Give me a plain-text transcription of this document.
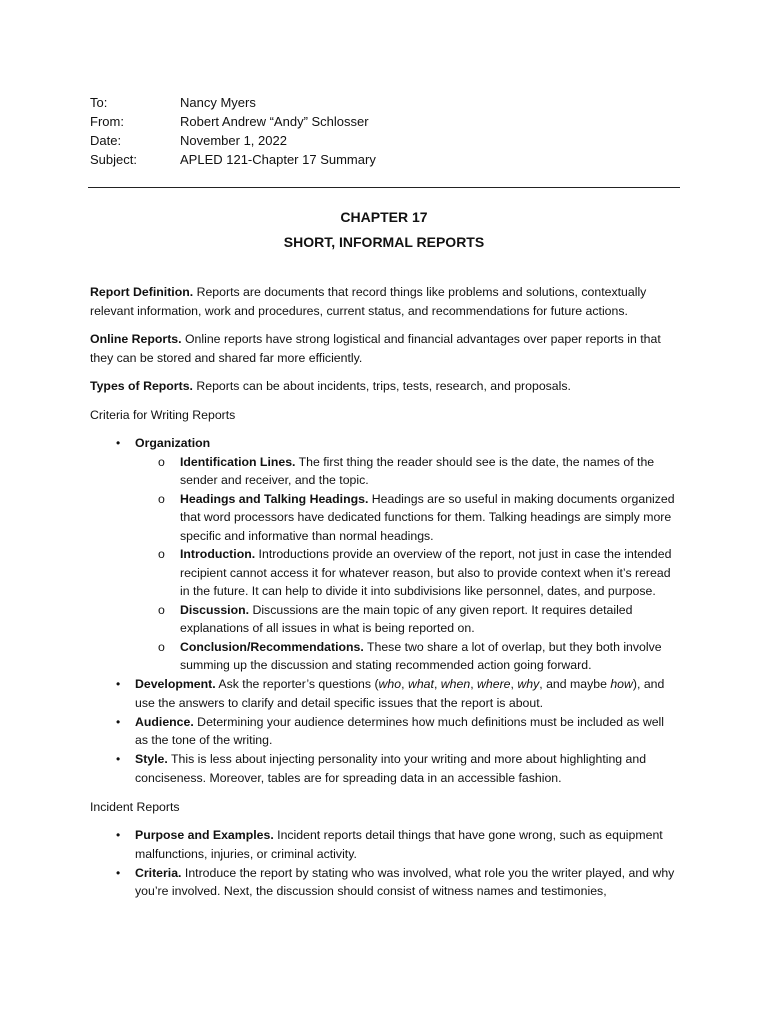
To:	Nancy Myers
From:	Robert Andrew “Andy” Schlosser
Date:	November 1, 2022
Subject:	APLED 121-Chapter 17 Summary
CHAPTER 17
SHORT, INFORMAL REPORTS

Report Definition. Reports are documents that record things like problems and solutions, contextually relevant information, work and procedures, current status, and recommendations for future actions.

Online Reports. Online reports have strong logistical and financial advantages over paper reports in that they can be stored and shared far more efficiently.

Types of Reports. Reports can be about incidents, trips, tests, research, and proposals.

Criteria for Writing Reports

• Organization
o Identification Lines. The first thing the reader should see is the date, the names of the sender and receiver, and the topic.
o Headings and Talking Headings. Headings are so useful in making documents organized that word processors have dedicated functions for them. Talking headings are simply more specific and informative than normal headings.
o Introduction. Introductions provide an overview of the report, not just in case the intended recipient cannot access it for whatever reason, but also to provide context when it’s reread in the future. It can help to divide it into subdivisions like personnel, dates, and purpose.
o Discussion. Discussions are the main topic of any given report. It requires detailed explanations of all issues in what is being reported on.
o Conclusion/Recommendations. These two share a lot of overlap, but they both involve summing up the discussion and stating recommended action going forward.
• Development. Ask the reporter’s questions (who, what, when, where, why, and maybe how), and use the answers to clarify and detail specific issues that the report is about.
• Audience. Determining your audience determines how much definitions must be included as well as the tone of the writing.
• Style. This is less about injecting personality into your writing and more about highlighting and conciseness. Moreover, tables are for spreading data in an accessible fashion.

Incident Reports

• Purpose and Examples. Incident reports detail things that have gone wrong, such as equipment malfunctions, injuries, or criminal activity.
• Criteria. Introduce the report by stating who was involved, what role you the writer played, and why you’re involved. Next, the discussion should consist of witness names and testimonies,
